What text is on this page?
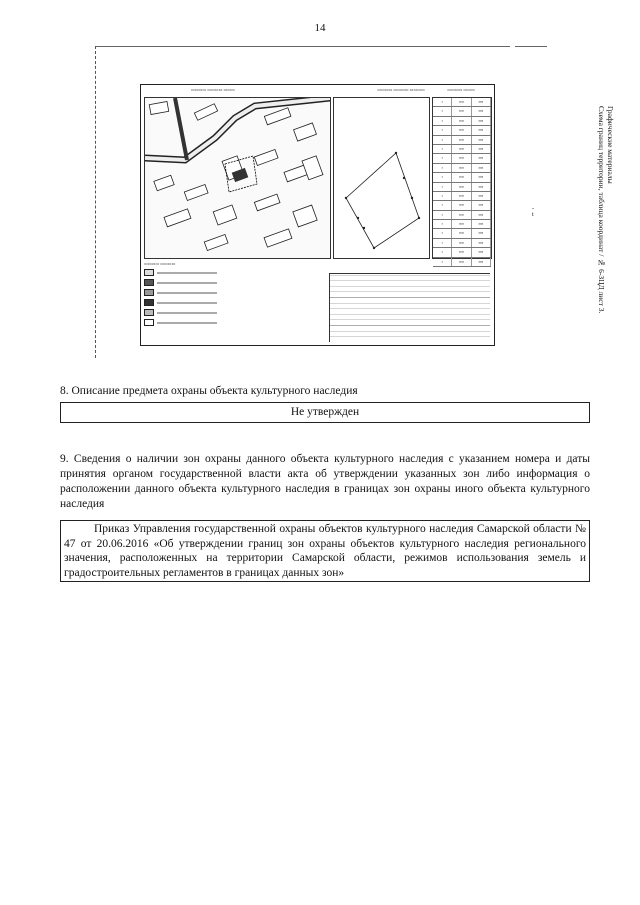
14
▭▭▭▭ ▭▭▭▭ ▭▭▭	▭▭▭▭ ▭▭▭▭ ▭▭▭▭	▭▭▭▭ ▭▭▭
▪	▪▪▪▪	▪▪▪▪
▪	▪▪▪▪	▪▪▪▪
▪	▪▪▪▪	▪▪▪▪
▪	▪▪▪▪	▪▪▪▪
▪	▪▪▪▪	▪▪▪▪
▪	▪▪▪▪	▪▪▪▪
▪	▪▪▪▪	▪▪▪▪
▪	▪▪▪▪	▪▪▪▪
▪	▪▪▪▪	▪▪▪▪
▪	▪▪▪▪	▪▪▪▪
▪	▪▪▪▪	▪▪▪▪
▪	▪▪▪▪	▪▪▪▪
▪	▪▪▪▪	▪▪▪▪
▪	▪▪▪▪	▪▪▪▪
▪	▪▪▪▪	▪▪▪▪
▪	▪▪▪▪	▪▪▪▪
▪	▪▪▪▪	▪▪▪▪
▪	▪▪▪▪	▪▪▪▪
▭▭▭▭ ▭▭▭▭
Графические материалы
Схема границ территории, таблица координат / № 6-ЗЦД лист 3.
-t
8. Описание предмета охраны объекта культурного наследия
Не утвержден
9. Сведения о наличии зон охраны данного объекта культурного наследия с указанием номера и даты принятия органом государственной власти акта об утверждении указанных зон либо информация о расположении данного объекта культурного наследия в границах зон охраны иного объекта культурного наследия
Приказ Управления государственной охраны объектов культурного наследия Самарской области № 47 от 20.06.2016 «Об утверждении границ зон охраны объектов культурного наследия регионального значения, расположенных на территории Самарской области, режимов использования земель и градостроительных регламентов в границах данных зон»
